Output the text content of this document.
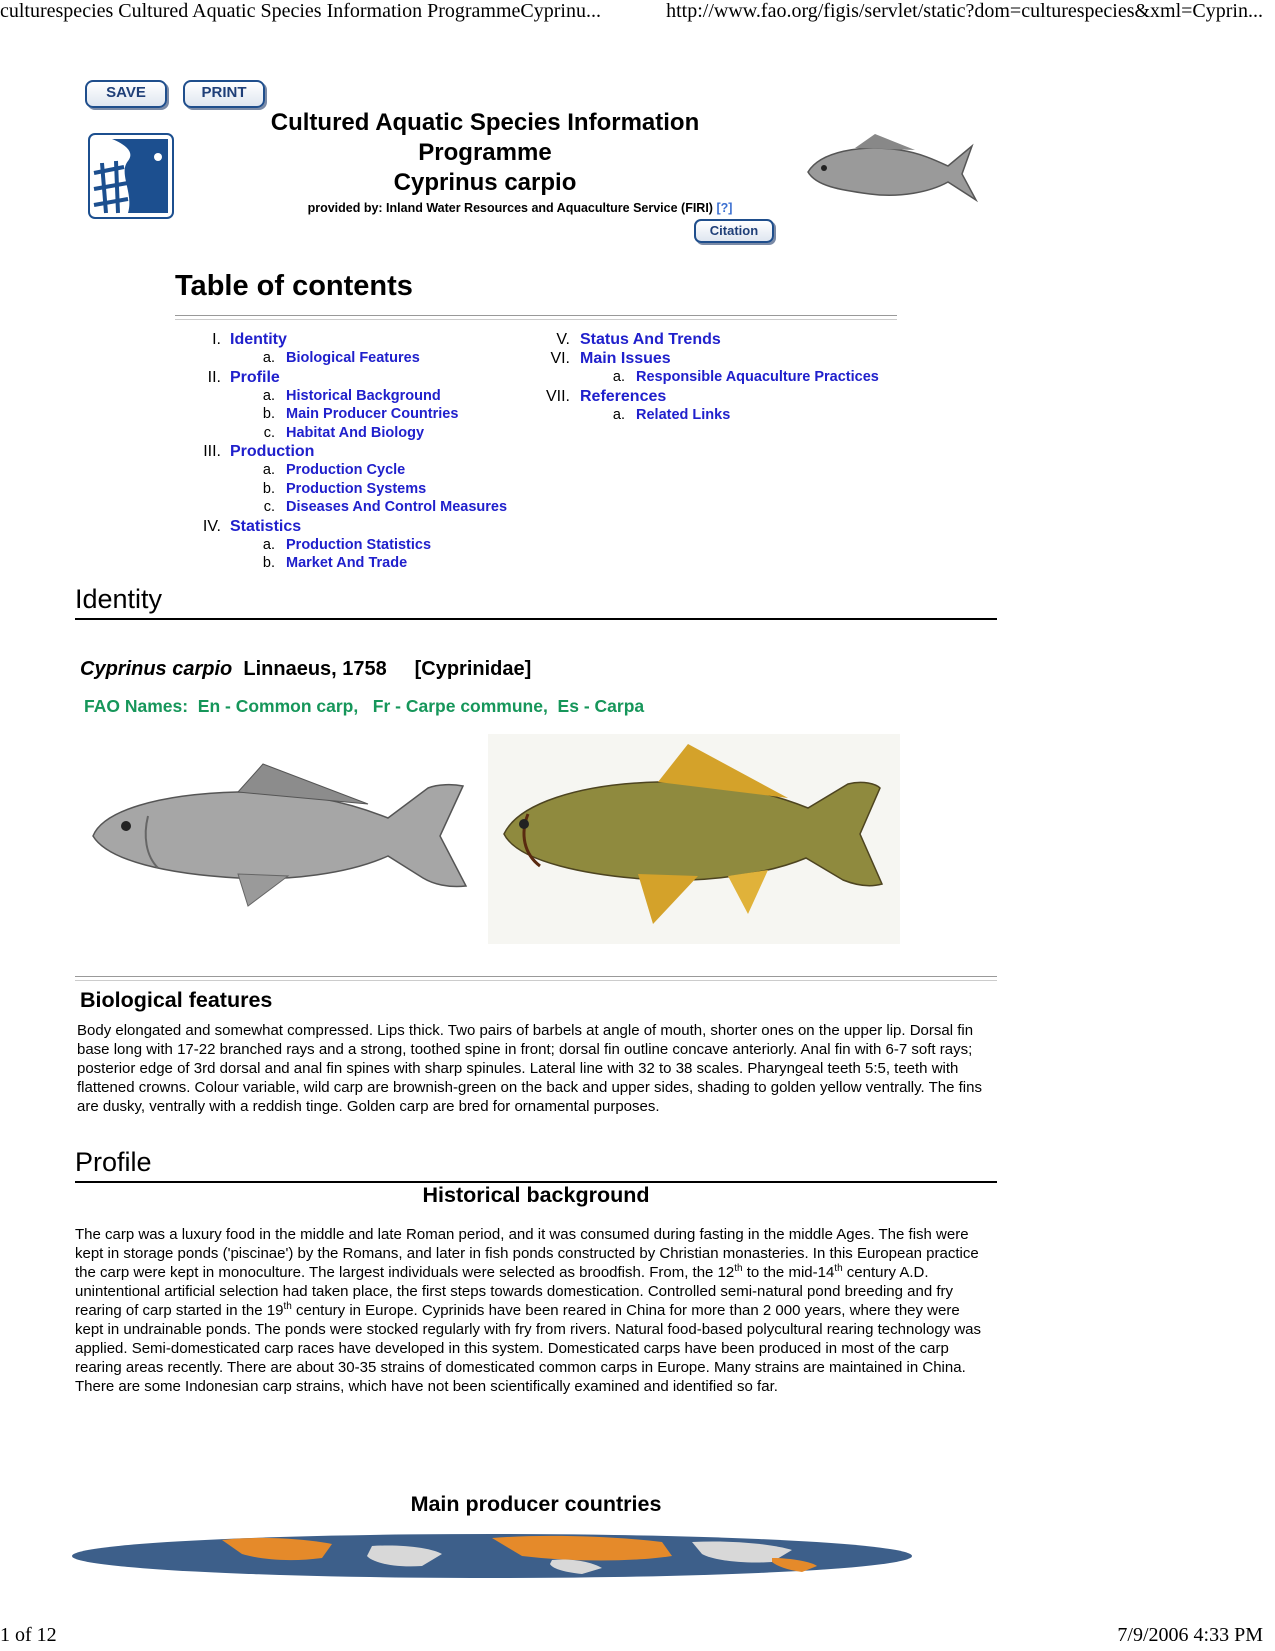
culturespecies Cultured Aquatic Species Information ProgrammeCyprinu...	http://www.fao.org/figis/servlet/static?dom=culturespecies&xml=Cyprin...
SAVE	PRINT
Cultured Aquatic Species Information
Programme
Cyprinus carpio
provided by: Inland Water Resources and Aquaculture Service (FIRI) [?]
Citation
Table of contents
I. Identity
a. Biological Features
II. Profile
a. Historical Background
b. Main Producer Countries
c. Habitat And Biology
III. Production
a. Production Cycle
b. Production Systems
c. Diseases And Control Measures
IV. Statistics
a. Production Statistics
b. Market And Trade
V. Status And Trends
VI. Main Issues
a. Responsible Aquaculture Practices
VII. References
a. Related Links
Identity
Cyprinus carpio Linnaeus, 1758 [Cyprinidae]
FAO Names:  En - Common carp,   Fr - Carpe commune,  Es - Carpa
Biological features
Body elongated and somewhat compressed. Lips thick. Two pairs of barbels at angle of mouth, shorter ones on the upper lip. Dorsal fin base long with 17-22 branched rays and a strong, toothed spine in front; dorsal fin outline concave anteriorly. Anal fin with 6-7 soft rays; posterior edge of 3rd dorsal and anal fin spines with sharp spinules. Lateral line with 32 to 38 scales. Pharyngeal teeth 5:5, teeth with flattened crowns. Colour variable, wild carp are brownish-green on the back and upper sides, shading to golden yellow ventrally. The fins are dusky, ventrally with a reddish tinge. Golden carp are bred for ornamental purposes.
Profile
Historical background
The carp was a luxury food in the middle and late Roman period, and it was consumed during fasting in the middle Ages. The fish were kept in storage ponds ('piscinae') by the Romans, and later in fish ponds constructed by Christian monasteries. In this European practice the carp were kept in monoculture. The largest individuals were selected as broodfish. From, the 12th to the mid-14th century A.D. unintentional artificial selection had taken place, the first steps towards domestication. Controlled semi-natural pond breeding and fry rearing of carp started in the 19th century in Europe. Cyprinids have been reared in China for more than 2 000 years, where they were kept in undrainable ponds. The ponds were stocked regularly with fry from rivers. Natural food-based polycultural rearing technology was applied. Semi-domesticated carp races have developed in this system. Domesticated carps have been produced in most of the carp rearing areas recently. There are about 30-35 strains of domesticated common carps in Europe. Many strains are maintained in China. There are some Indonesian carp strains, which have not been scientifically examined and identified so far.
Main producer countries
1 of 12	7/9/2006 4:33 PM
